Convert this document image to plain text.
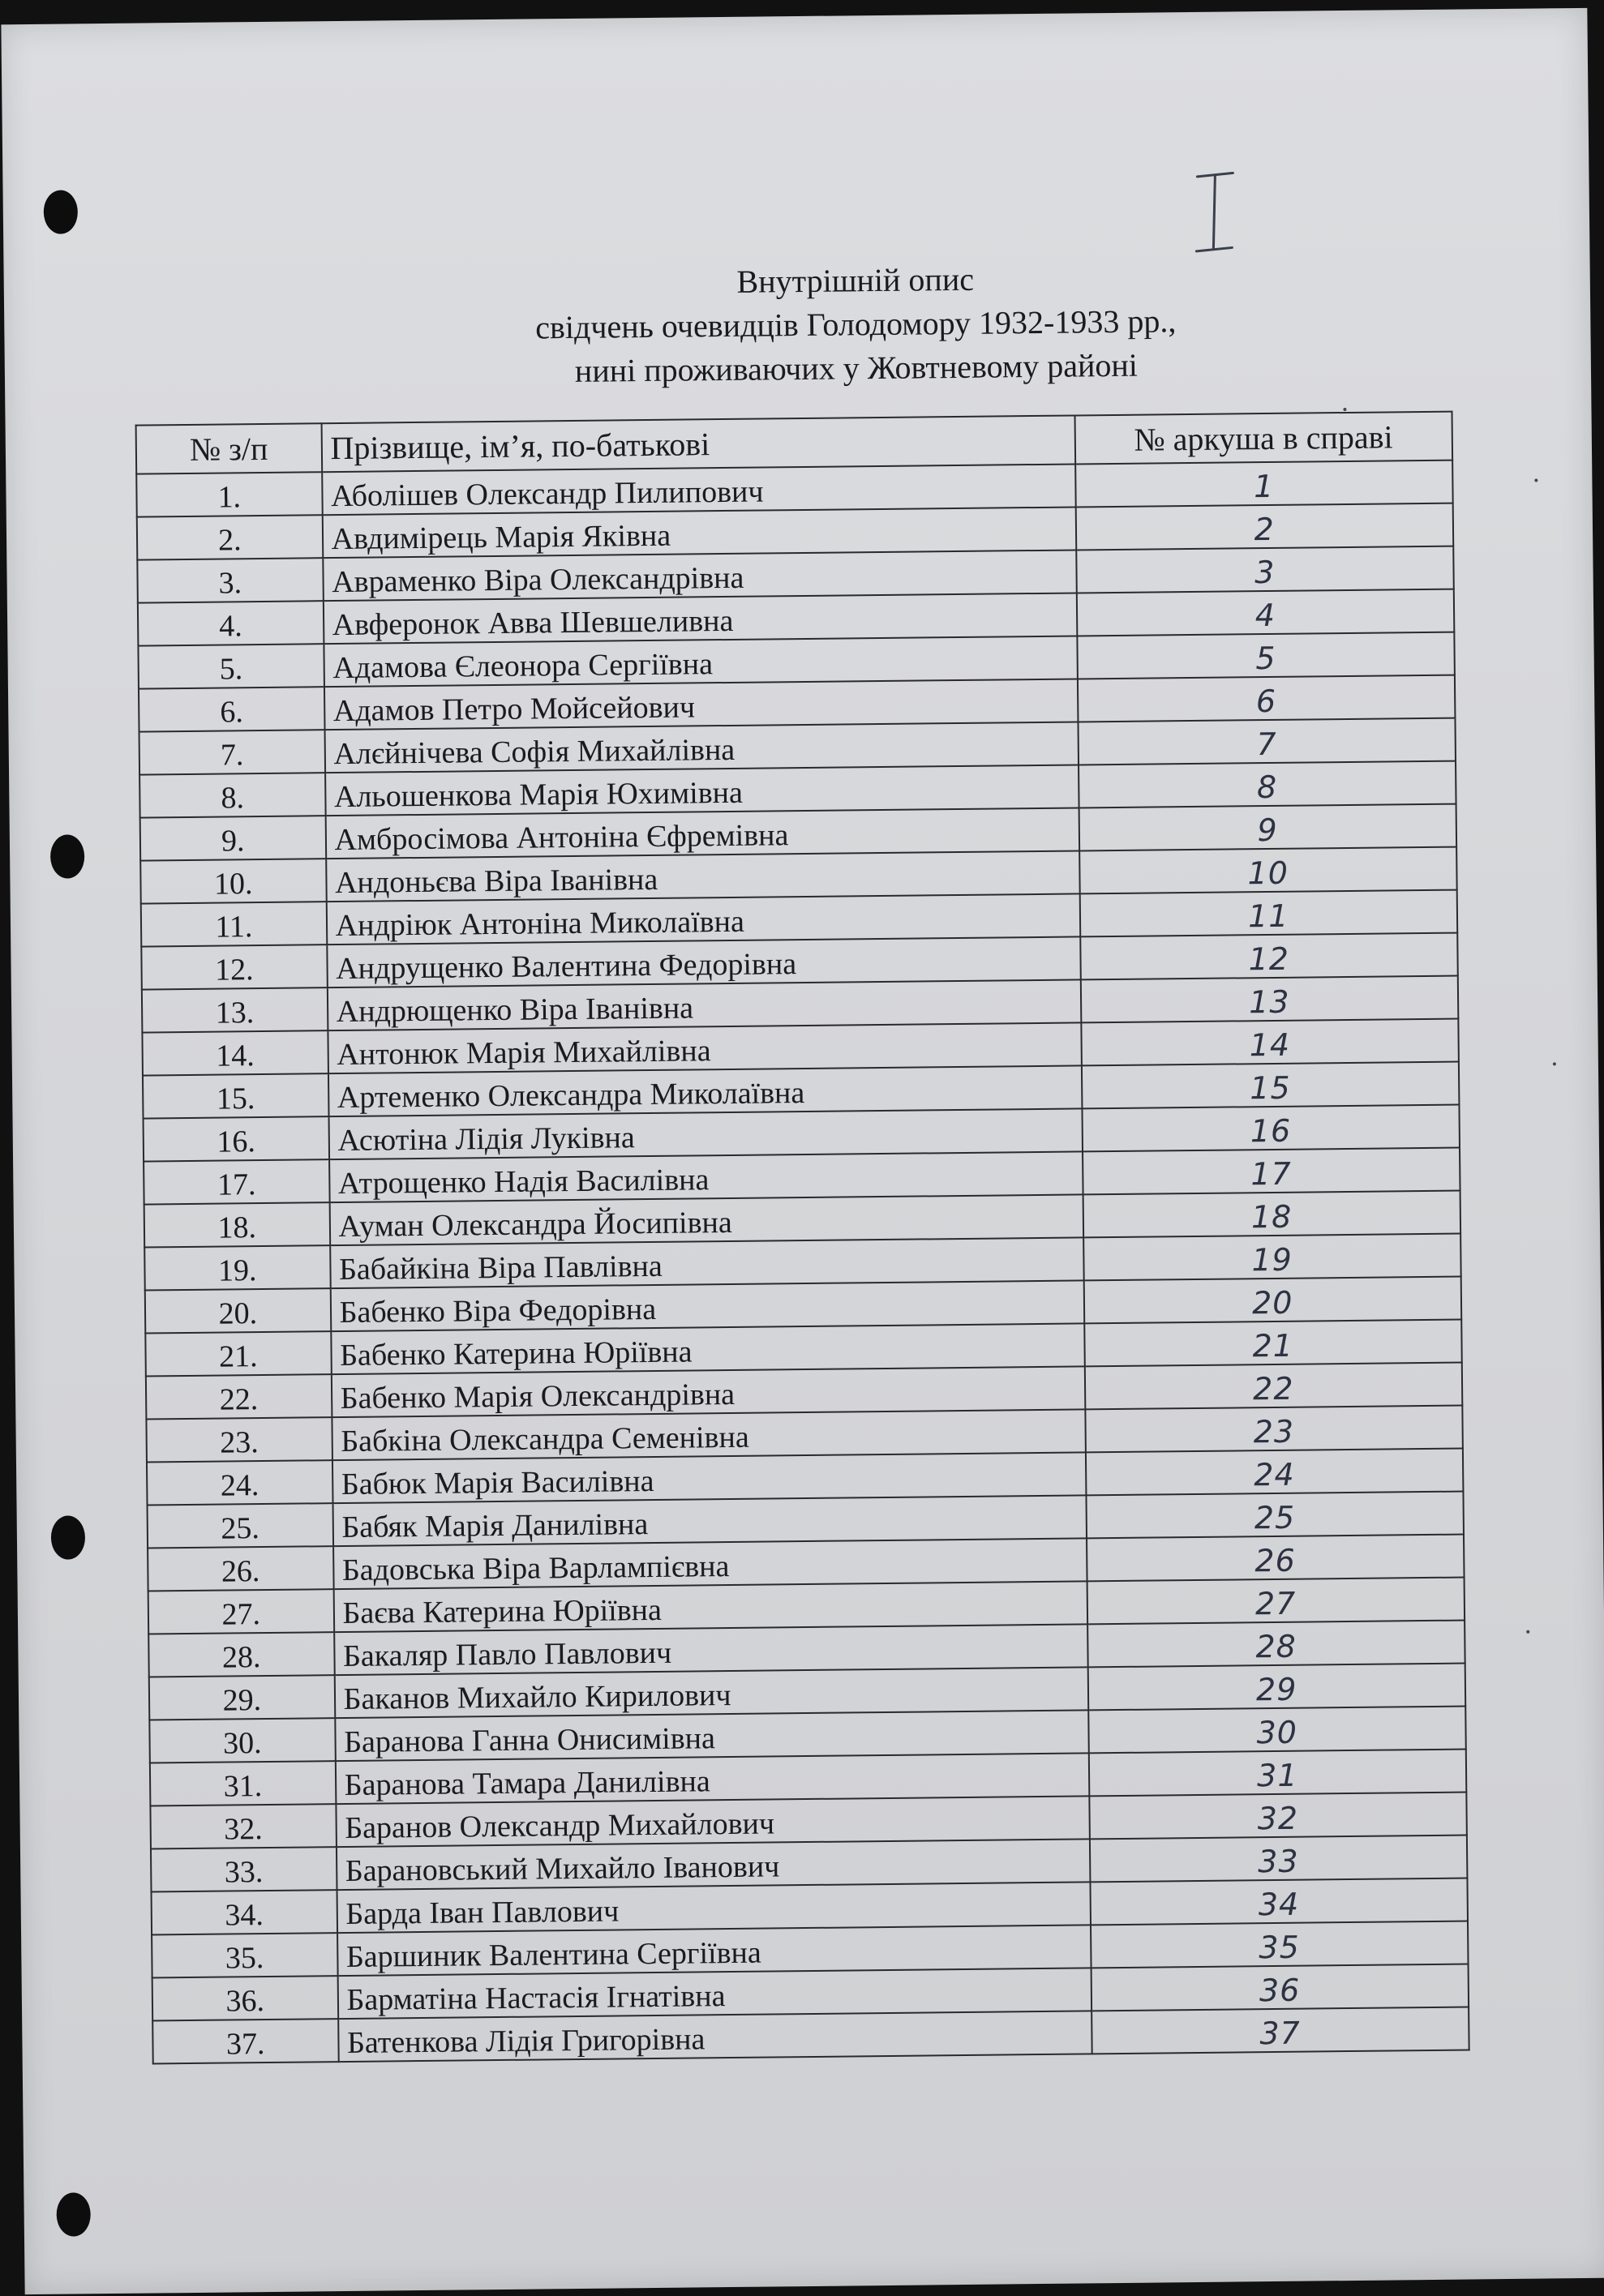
Внутрішній опис
свідчень очевидців Голодомору 1932-1933 рр.,
нині проживаючих у Жовтневому районі
№ з/п	Прізвище, ім’я, по-батькові	№ аркуша в справі
1.	Аболішев Олександр Пилипович	1
2.	Авдимірець Марія Яківна	2
3.	Авраменко Віра Олександрівна	3
4.	Авферонок Авва Шевшеливна	4
5.	Адамова Єлеонора Сергіївна	5
6.	Адамов Петро Мойсейович	6
7.	Алєйнічева Софія Михайлівна	7
8.	Альошенкова Марія Юхимівна	8
9.	Амбросімова Антоніна Єфремівна	9
10.	Андоньєва Віра Іванівна	10
11.	Андріюк Антоніна Миколаївна	11
12.	Андрущенко Валентина Федорівна	12
13.	Андрющенко Віра Іванівна	13
14.	Антонюк Марія Михайлівна	14
15.	Артеменко Олександра Миколаївна	15
16.	Асютіна Лідія Луківна	16
17.	Атрощенко Надія Василівна	17
18.	Ауман Олександра Йосипівна	18
19.	Бабайкіна Віра Павлівна	19
20.	Бабенко Віра Федорівна	20
21.	Бабенко Катерина Юріївна	21
22.	Бабенко Марія Олександрівна	22
23.	Бабкіна Олександра Семенівна	23
24.	Бабюк Марія Василівна	24
25.	Бабяк Марія Данилівна	25
26.	Бадовська Віра Варлампієвна	26
27.	Баєва Катерина Юріївна	27
28.	Бакаляр Павло Павлович	28
29.	Баканов Михайло Кирилович	29
30.	Баранова Ганна Онисимівна	30
31.	Баранова Тамара Данилівна	31
32.	Баранов Олександр Михайлович	32
33.	Барановський Михайло Іванович	33
34.	Барда Іван Павлович	34
35.	Баршиник Валентина Сергіївна	35
36.	Барматіна Настасія Ігнатівна	36
37.	Батенкова Лідія Григорівна	37
